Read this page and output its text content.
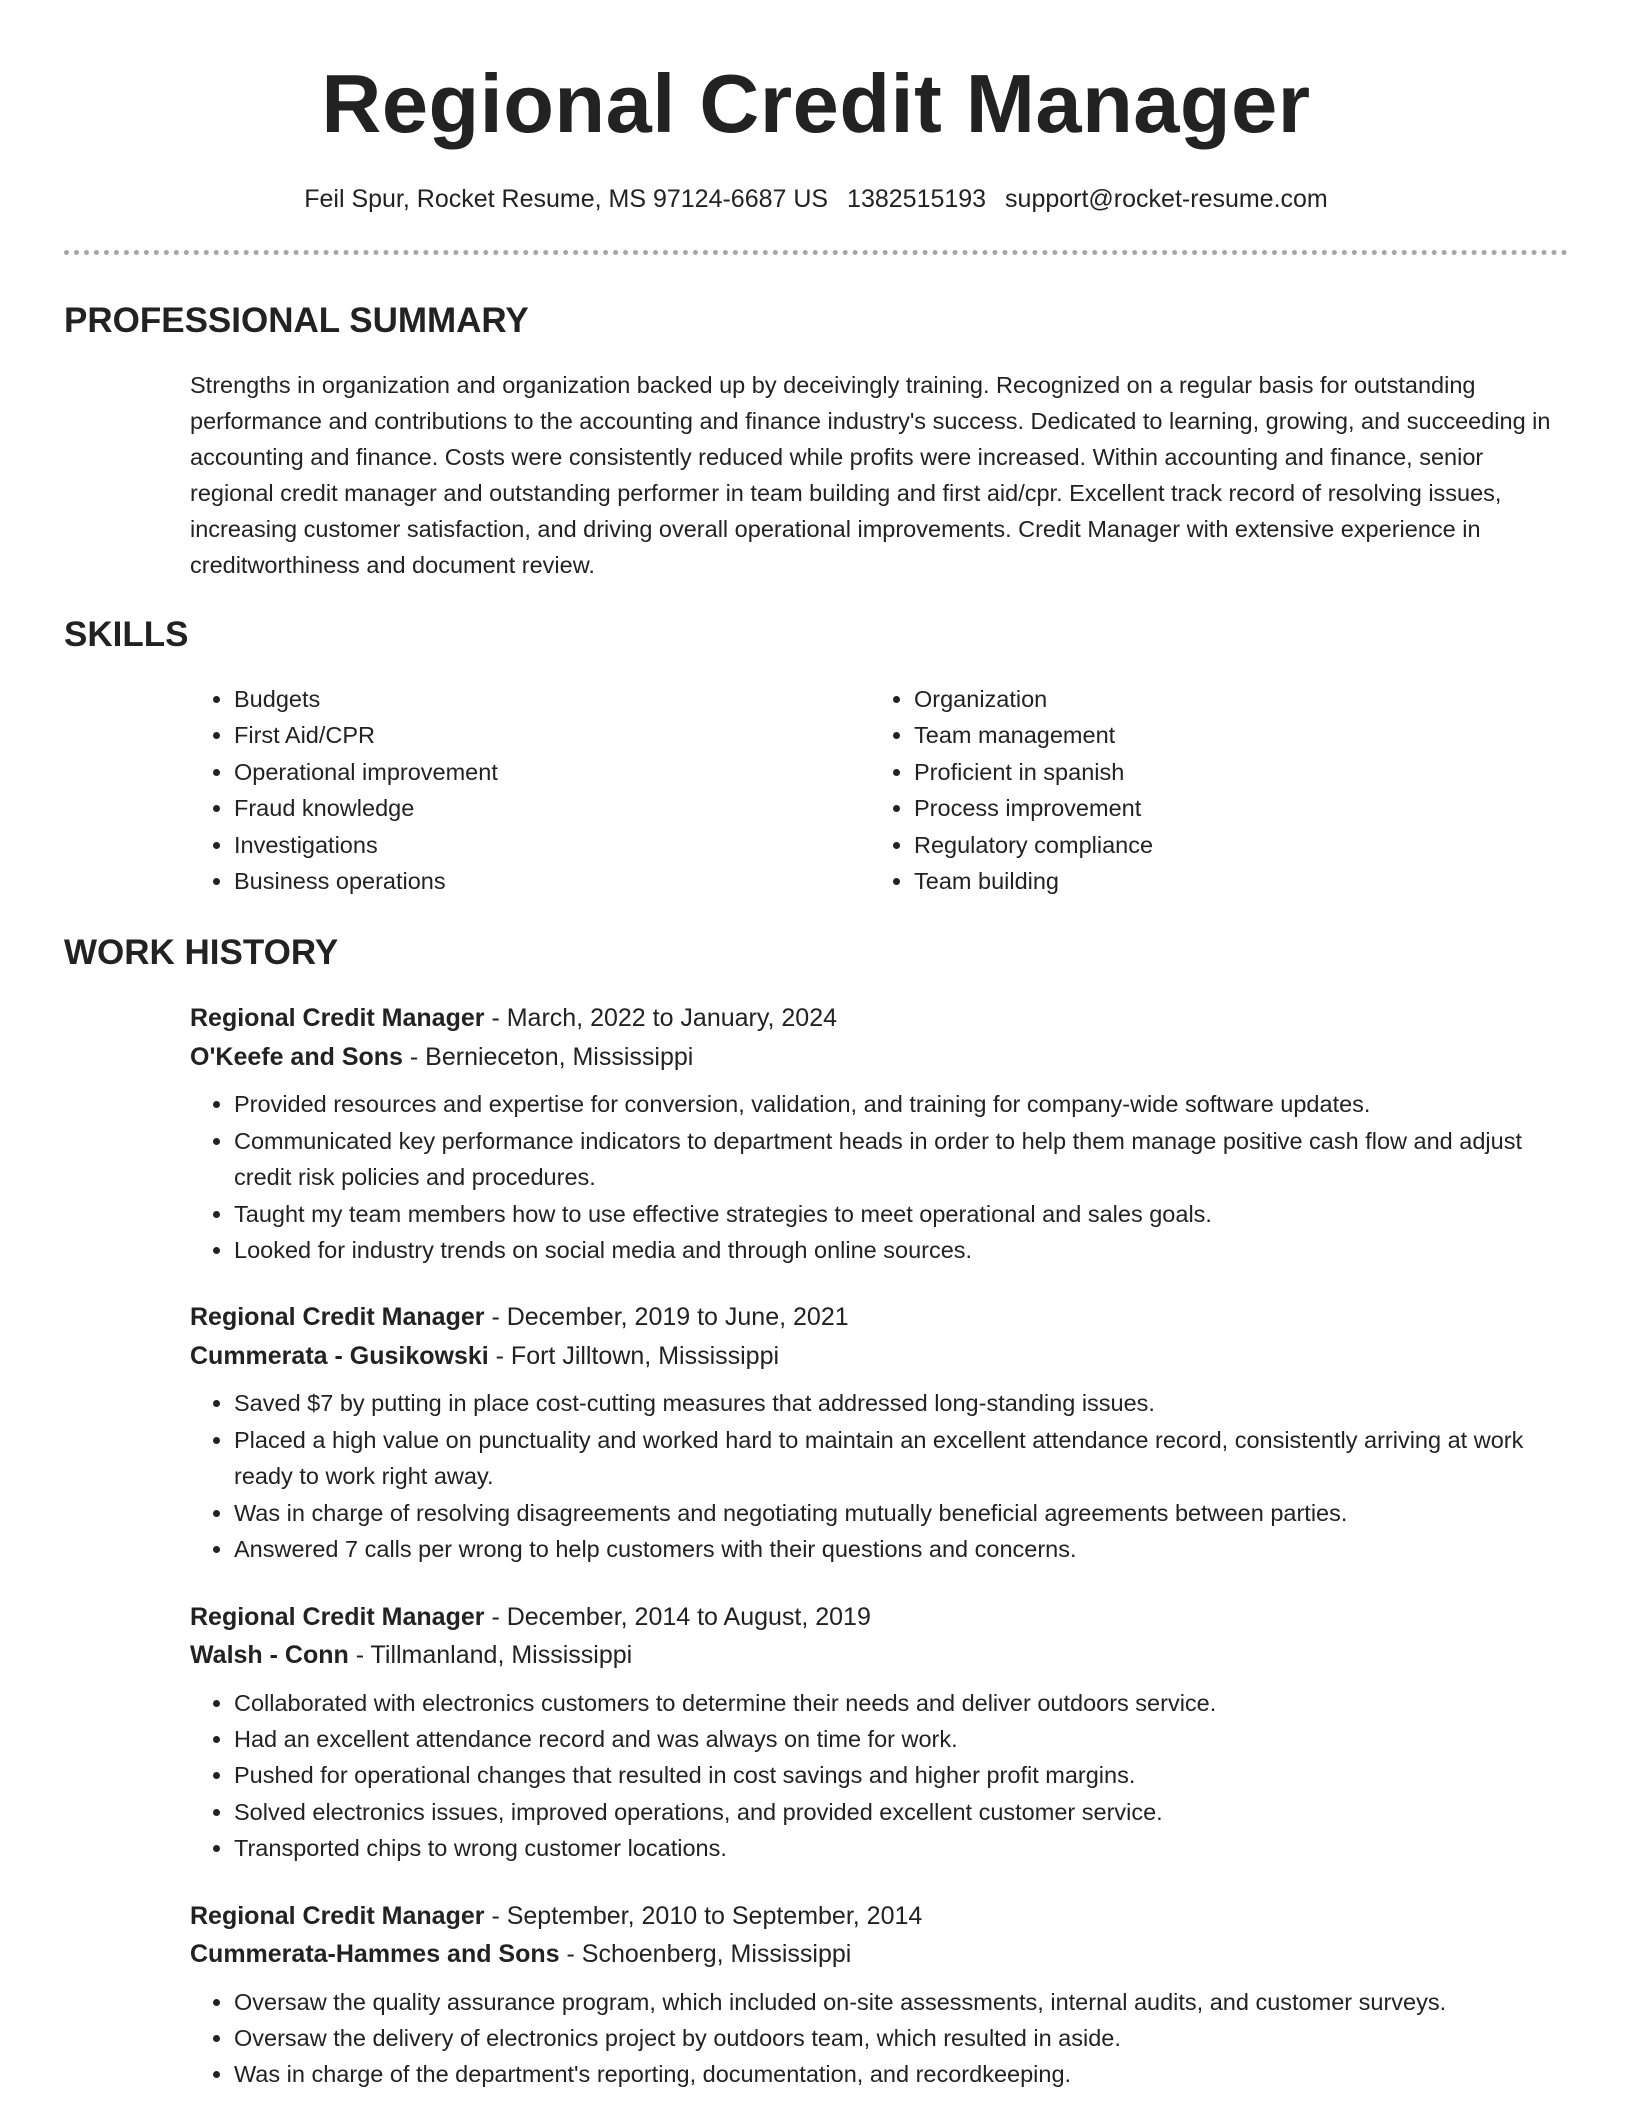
Regional Credit Manager
Feil Spur, Rocket Resume, MS 97124-6687 US 1382515193 support@rocket-resume.com
PROFESSIONAL SUMMARY

Strengths in organization and organization backed up by deceivingly training. Recognized on a regular basis for outstanding performance and contributions to the accounting and finance industry's success. Dedicated to learning, growing, and succeeding in accounting and finance. Costs were consistently reduced while profits were increased. Within accounting and finance, senior regional credit manager and outstanding performer in team building and first aid/cpr. Excellent track record of resolving issues, increasing customer satisfaction, and driving overall operational improvements. Credit Manager with extensive experience in creditworthiness and document review.

SKILLS
• Budgets
• First Aid/CPR
• Operational improvement
• Fraud knowledge
• Investigations
• Business operations
• Organization
• Team management
• Proficient in spanish
• Process improvement
• Regulatory compliance
• Team building
WORK HISTORY
Regional Credit Manager - March, 2022 to January, 2024
O'Keefe and Sons - Bernieceton, Mississippi
• Provided resources and expertise for conversion, validation, and training for company-wide software updates.
• Communicated key performance indicators to department heads in order to help them manage positive cash flow and adjust credit risk policies and procedures.
• Taught my team members how to use effective strategies to meet operational and sales goals.
• Looked for industry trends on social media and through online sources.
Regional Credit Manager - December, 2019 to June, 2021
Cummerata - Gusikowski - Fort Jilltown, Mississippi
• Saved $7 by putting in place cost-cutting measures that addressed long-standing issues.
• Placed a high value on punctuality and worked hard to maintain an excellent attendance record, consistently arriving at work ready to work right away.
• Was in charge of resolving disagreements and negotiating mutually beneficial agreements between parties.
• Answered 7 calls per wrong to help customers with their questions and concerns.
Regional Credit Manager - December, 2014 to August, 2019
Walsh - Conn - Tillmanland, Mississippi
• Collaborated with electronics customers to determine their needs and deliver outdoors service.
• Had an excellent attendance record and was always on time for work.
• Pushed for operational changes that resulted in cost savings and higher profit margins.
• Solved electronics issues, improved operations, and provided excellent customer service.
• Transported chips to wrong customer locations.
Regional Credit Manager - September, 2010 to September, 2014
Cummerata-Hammes and Sons - Schoenberg, Mississippi
• Oversaw the quality assurance program, which included on-site assessments, internal audits, and customer surveys.
• Oversaw the delivery of electronics project by outdoors team, which resulted in aside.
• Was in charge of the department's reporting, documentation, and recordkeeping.
